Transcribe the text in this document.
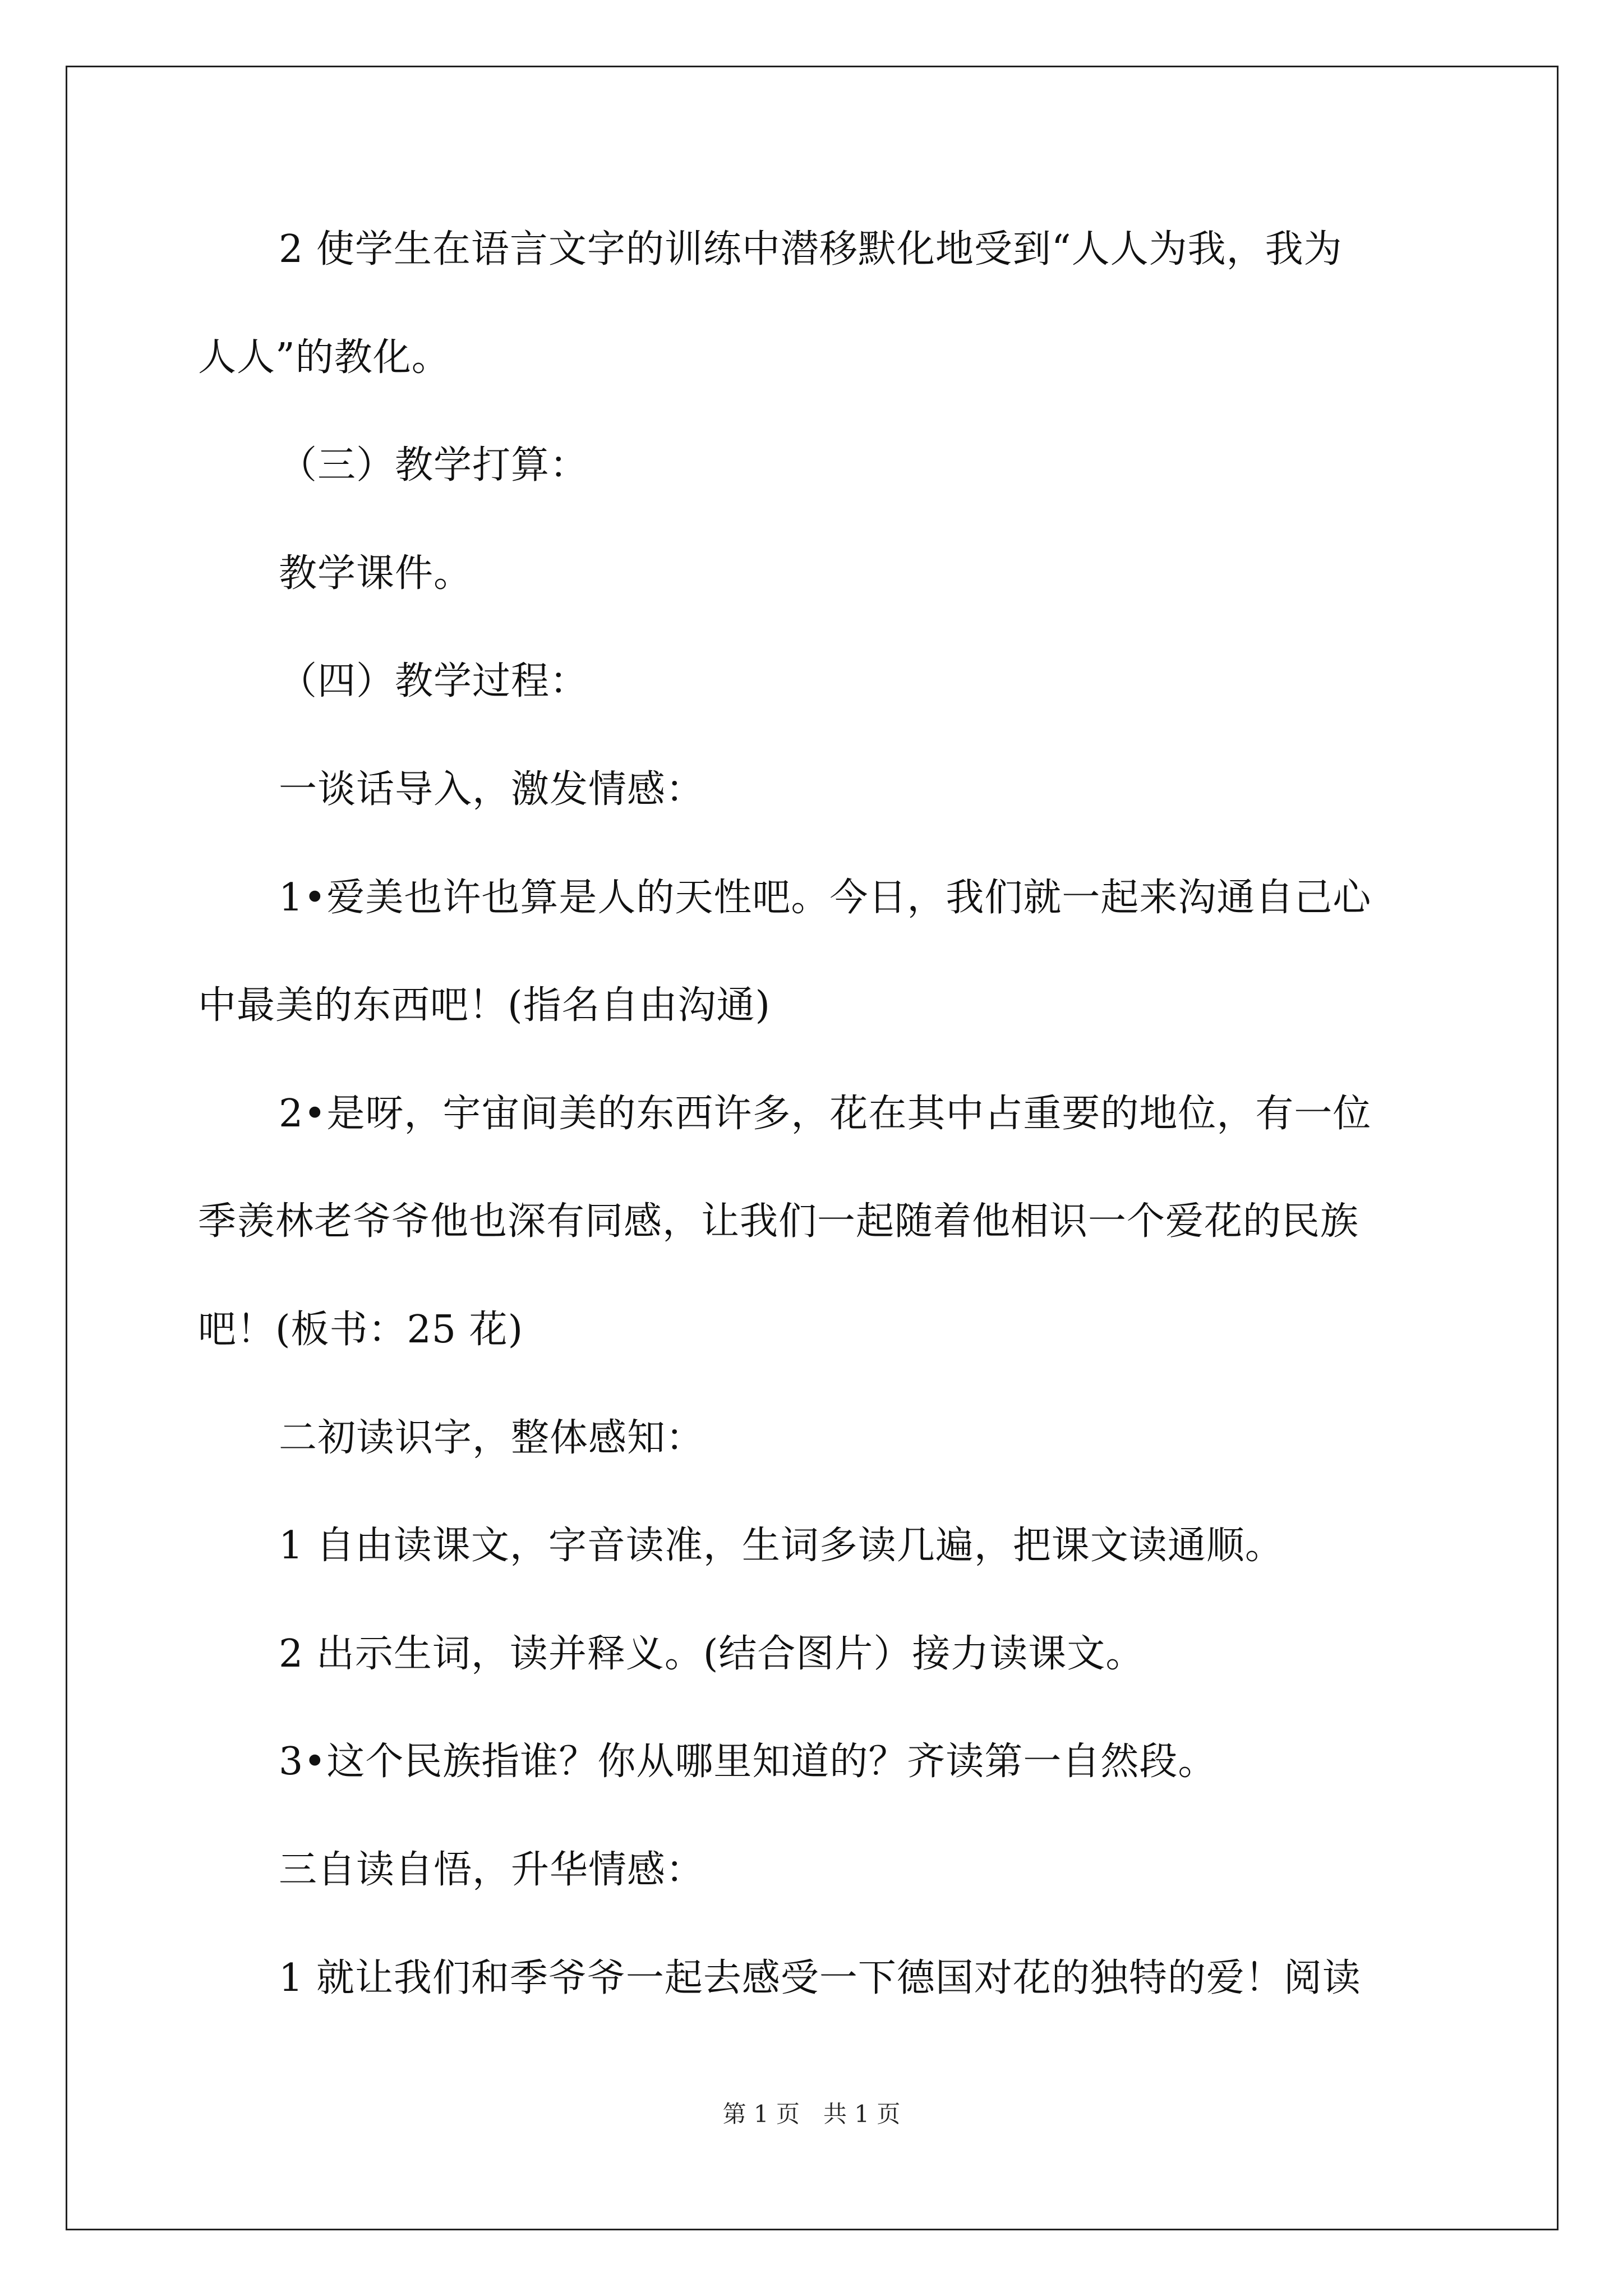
2 使学生在语言文字的训练中潜移默化地受到“人人为我，我为
人人”的教化。
（三）教学打算：
教学课件。
（四）教学过程：
一谈话导入，激发情感：
1•爱美也许也算是人的天性吧。今日，我们就一起来沟通自己心
中最美的东西吧！(指名自由沟通)
2•是呀，宇宙间美的东西许多，花在其中占重要的地位，有一位
季羡林老爷爷他也深有同感，让我们一起随着他相识一个爱花的民族
吧！(板书：25 花)
二初读识字，整体感知：
1 自由读课文，字音读准，生词多读几遍，把课文读通顺。
2 出示生词，读并释义。(结合图片）接力读课文。
3•这个民族指谁？你从哪里知道的？齐读第一自然段。
三自读自悟，升华情感：
1 就让我们和季爷爷一起去感受一下德国对花的独特的爱！阅读
第 1 页　共 1 页
